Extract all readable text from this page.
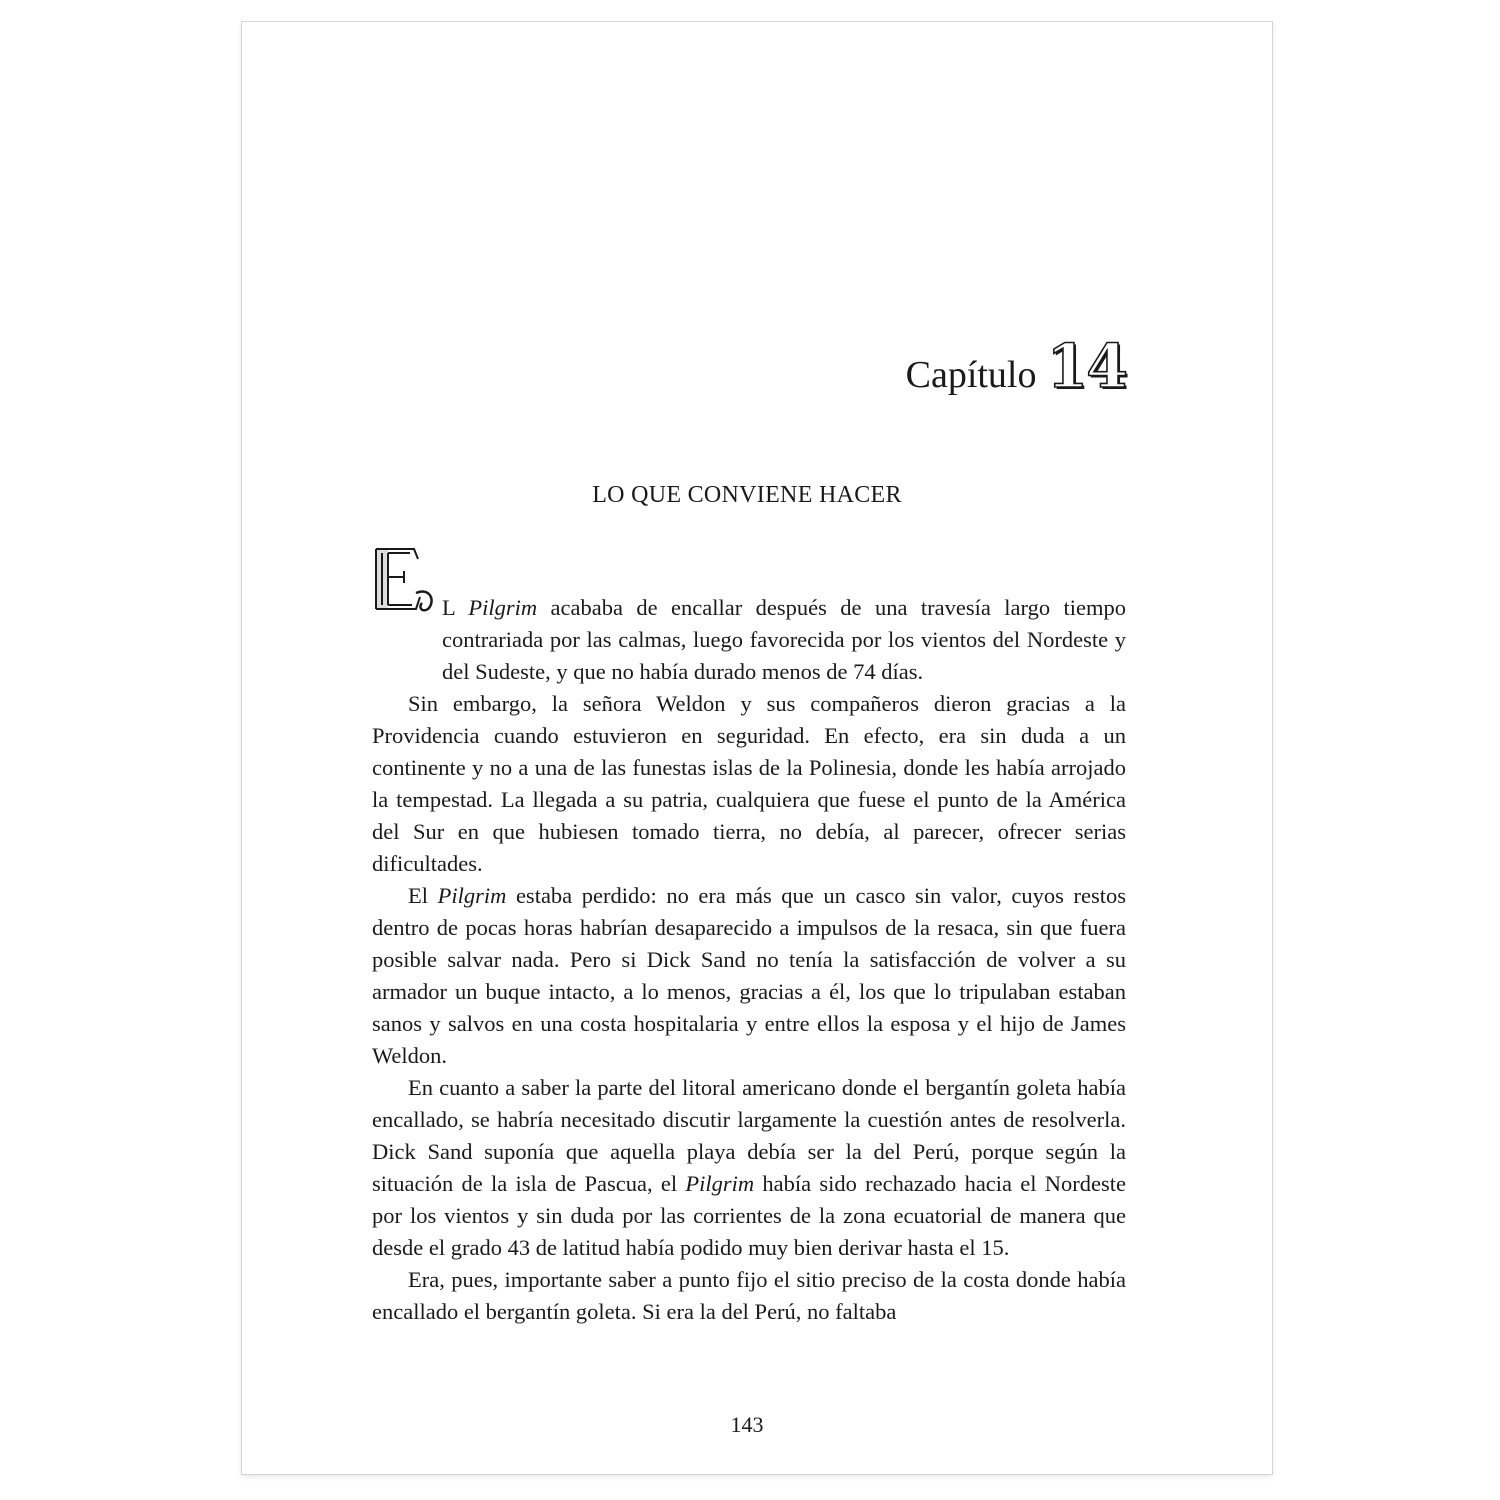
Capítulo 14
LO QUE CONVIENE HACER

L Pilgrim acababa de encallar después de una travesía largo tiempo contrariada por las calmas, luego favorecida por los vientos del Nordeste y del Sudeste, y que no había durado menos de 74 días.

Sin embargo, la señora Weldon y sus compañeros dieron gracias a la Providencia cuando estuvieron en seguridad. En efecto, era sin duda a un continente y no a una de las funestas islas de la Polinesia, donde les había arrojado la tempestad. La llegada a su patria, cualquiera que fuese el punto de la América del Sur en que hubiesen tomado tierra, no debía, al parecer, ofrecer serias dificultades.

El Pilgrim estaba perdido: no era más que un casco sin valor, cuyos restos dentro de pocas horas habrían desaparecido a impulsos de la resaca, sin que fuera posible salvar nada. Pero si Dick Sand no tenía la satisfacción de volver a su armador un buque intacto, a lo menos, gracias a él, los que lo tripulaban estaban sanos y salvos en una costa hospitalaria y entre ellos la esposa y el hijo de James Weldon.

En cuanto a saber la parte del litoral americano donde el bergantín goleta había encallado, se habría necesitado discutir largamente la cuestión antes de resolverla. Dick Sand suponía que aquella playa debía ser la del Perú, porque según la situación de la isla de Pascua, el Pilgrim había sido rechazado hacia el Nordeste por los vientos y sin duda por las corrientes de la zona ecuatorial de manera que desde el grado 43 de latitud había podido muy bien derivar hasta el 15.

Era, pues, importante saber a punto fijo el sitio preciso de la costa donde había encallado el bergantín goleta. Si era la del Perú, no faltaba

143
